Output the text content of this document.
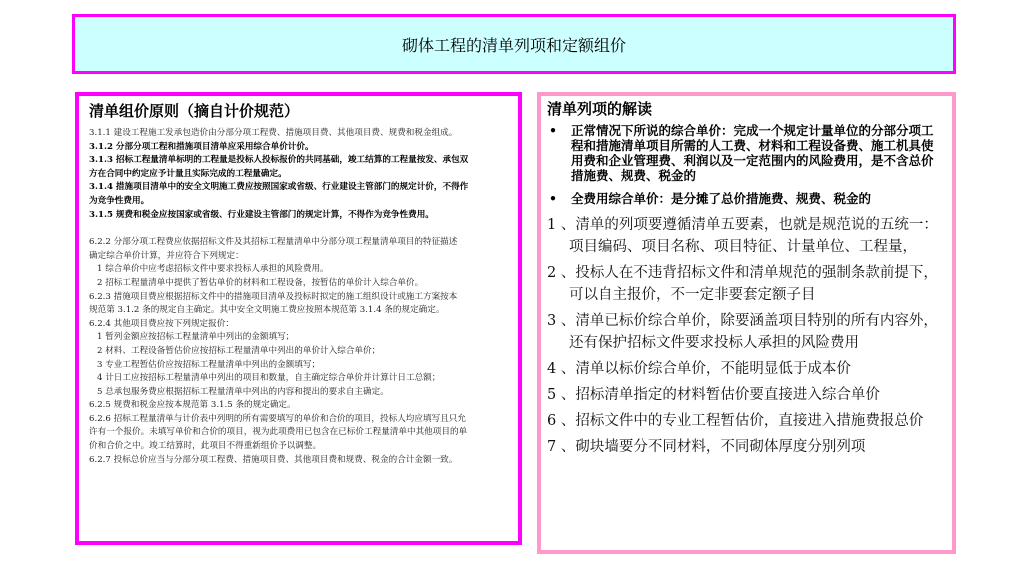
砌体工程的清单列项和定额组价
清单组价原则（摘自计价规范）
3.1.1 建设工程施工发承包造价由分部分项工程费、措施项目费、其他项目费、规费和税金组成。
3.1.2 分部分项工程和措施项目清单应采用综合单价计价。
3.1.3 招标工程量清单标明的工程量是投标人投标报价的共同基础，竣工结算的工程量按发、承包双
方在合同中约定应予计量且实际完成的工程量确定。
3.1.4 措施项目清单中的安全文明施工费应按照国家或省级、行业建设主管部门的规定计价，不得作
为竞争性费用。
3.1.5 规费和税金应按国家或省级、行业建设主管部门的规定计算，不得作为竞争性费用。
6.2.2 分部分项工程费应依据招标文件及其招标工程量清单中分部分项工程量清单项目的特征描述
确定综合单价计算，并应符合下列规定：
1 综合单价中应考虑招标文件中要求投标人承担的风险费用。
2 招标工程量清单中提供了暂估单价的材料和工程设备，按暂估的单价计入综合单价。
6.2.3 措施项目费应根据招标文件中的措施项目清单及投标时拟定的施工组织设计或施工方案按本
规范第 3.1.2 条的规定自主确定。其中安全文明施工费应按照本规范第 3.1.4 条的规定确定。
6.2.4 其他项目费应按下列规定报价：
1 暂列金额应按招标工程量清单中列出的金额填写；
2 材料、工程设备暂估价应按招标工程量清单中列出的单价计入综合单价；
3 专业工程暂估价应按招标工程量清单中列出的金额填写；
4 计日工应按招标工程量清单中列出的项目和数量，自主确定综合单价并计算计日工总额；
5 总承包服务费应根据招标工程量清单中列出的内容和提出的要求自主确定。
6.2.5 规费和税金应按本规范第 3.1.5 条的规定确定。
6.2.6 招标工程量清单与计价表中列明的所有需要填写的单价和合价的项目，投标人均应填写且只允
许有一个报价。未填写单价和合价的项目，视为此项费用已包含在已标价工程量清单中其他项目的单
价和合价之中。竣工结算时，此项目不得重新组价予以调整。
6.2.7 投标总价应当与分部分项工程费、措施项目费、其他项目费和规费、税金的合计金额一致。
清单列项的解读
•	正常情况下所说的综合单价：完成一个规定计量单位的分部分项工程和措施清单项目所需的人工费、材料和工程设备费、施工机具使用费和企业管理费、利润以及一定范围内的风险费用，是不含总价措施费、规费、税金的
•	全费用综合单价：是分摊了总价措施费、规费、税金的
1 、清单的列项要遵循清单五要素，也就是规范说的五统一：项目编码、项目名称、项目特征、计量单位、工程量，
2 、投标人在不违背招标文件和清单规范的强制条款前提下，可以自主报价，不一定非要套定额子目
3 、清单已标价综合单价，除要涵盖项目特别的所有内容外，还有保护招标文件要求投标人承担的风险费用
4 、清单以标价综合单价，不能明显低于成本价
5 、招标清单指定的材料暂估价要直接进入综合单价
6 、招标文件中的专业工程暂估价，直接进入措施费报总价
7 、砌块墙要分不同材料，不同砌体厚度分别列项
